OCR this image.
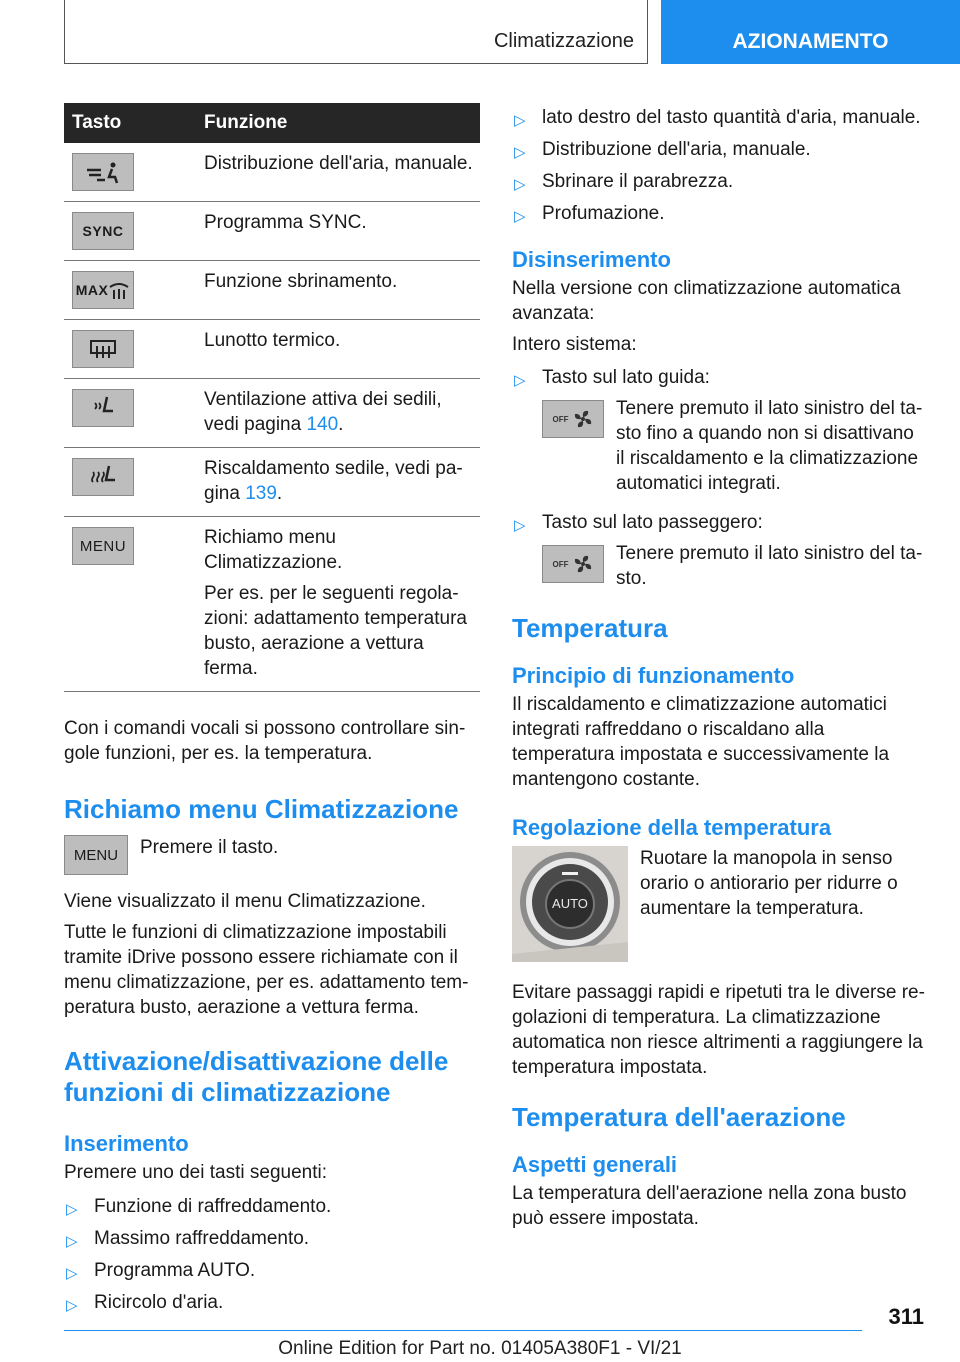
Climatizzazione	AZIONAMENTO
Tasto	Funzione

Distribuzione dell'aria, manuale.

SYNC	Programma SYNC.

MAX	Funzione sbrinamento.

Lunotto termico.

Ventilazione attiva dei sedili, vedi pagina 140.

Riscaldamento sedile, vedi pagina 139.

MENU	Richiamo menu Climatizzazione.

Per es. per le seguenti regolazioni: adattamento temperatura busto, aerazione a vettura ferma.

Con i comandi vocali si possono controllare singole funzioni, per es. la temperatura.

Richiamo menu Climatizzazione
MENU	Premere il tasto.

Viene visualizzato il menu Climatizzazione.

Tutte le funzioni di climatizzazione impostabili tramite iDrive possono essere richiamate con il menu climatizzazione, per es. adattamento temperatura busto, aerazione a vettura ferma.

Attivazione/disattivazione delle funzioni di climatizzazione
Inserimento

Premere uno dei tasti seguenti:

▷ Funzione di raffreddamento.
▷ Massimo raffreddamento.
▷ Programma AUTO.
▷ Ricircolo d'aria.
▷ lato destro del tasto quantità d'aria, manuale.
▷ Distribuzione dell'aria, manuale.
▷ Sbrinare il parabrezza.
▷ Profumazione.
Disinserimento

Nella versione con climatizzazione automatica avanzata:

Intero sistema:

▷ Tasto sul lato guida:
OFF	Tenere premuto il lato sinistro del tasto fino a quando non si disattivano il riscaldamento e la climatizzazione automatici integrati.

▷ Tasto sul lato passeggero:
OFF	Tenere premuto il lato sinistro del tasto.

Temperatura
Principio di funzionamento

Il riscaldamento e climatizzazione automatici integrati raffreddano o riscaldano alla temperatura impostata e successivamente la mantengono costante.

Regolazione della temperatura
AUTO

Ruotare la manopola in senso orario o antiorario per ridurre o aumentare la temperatura.

Evitare passaggi rapidi e ripetuti tra le diverse regolazioni di temperatura. La climatizzazione automatica non riesce altrimenti a raggiungere la temperatura impostata.

Temperatura dell'aerazione
Aspetti generali

La temperatura dell'aerazione nella zona busto può essere impostata.

311
Online Edition for Part no. 01405A380F1 - VI/21
